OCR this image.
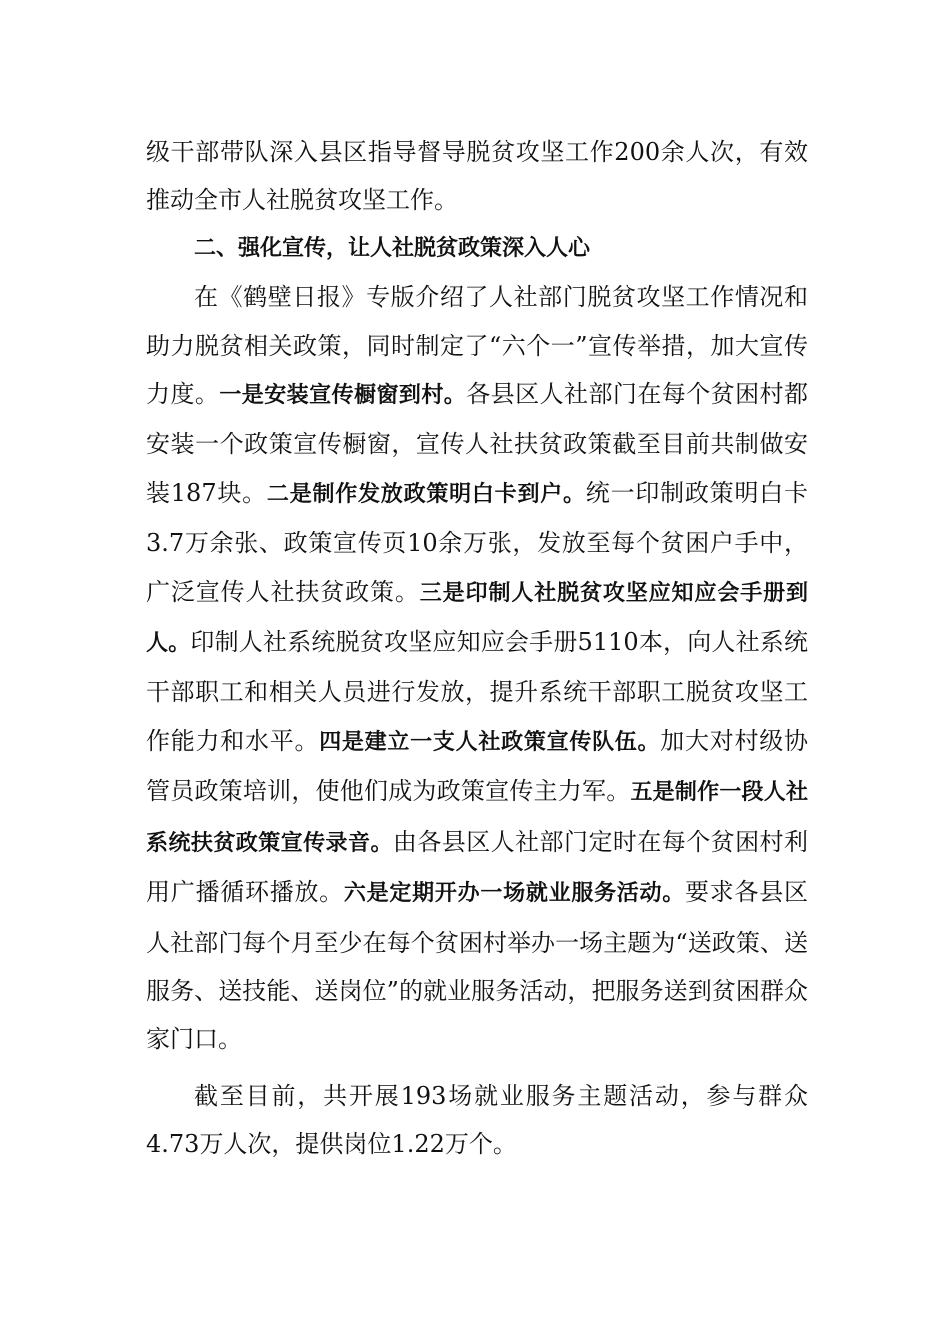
级干部带队深入县区指导督导脱贫攻坚工作200余人次，有效推动全市人社脱贫攻坚工作。

二、强化宣传，让人社脱贫政策深入人心

在《鹤壁日报》专版介绍了人社部门脱贫攻坚工作情况和助力脱贫相关政策，同时制定了“六个一”宣传举措，加大宣传力度。一是安装宣传橱窗到村。各县区人社部门在每个贫困村都安装一个政策宣传橱窗，宣传人社扶贫政策截至目前共制做安装187块。二是制作发放政策明白卡到户。统一印制政策明白卡3.7万余张、政策宣传页10余万张，发放至每个贫困户手中，广泛宣传人社扶贫政策。三是印制人社脱贫攻坚应知应会手册到人。印制人社系统脱贫攻坚应知应会手册5110本，向人社系统干部职工和相关人员进行发放，提升系统干部职工脱贫攻坚工作能力和水平。四是建立一支人社政策宣传队伍。加大对村级协管员政策培训，使他们成为政策宣传主力军。五是制作一段人社系统扶贫政策宣传录音。由各县区人社部门定时在每个贫困村利用广播循环播放。六是定期开办一场就业服务活动。要求各县区人社部门每个月至少在每个贫困村举办一场主题为“送政策、送服务、送技能、送岗位”的就业服务活动，把服务送到贫困群众家门口。

截至目前，共开展193场就业服务主题活动，参与群众4.73万人次，提供岗位1.22万个。
